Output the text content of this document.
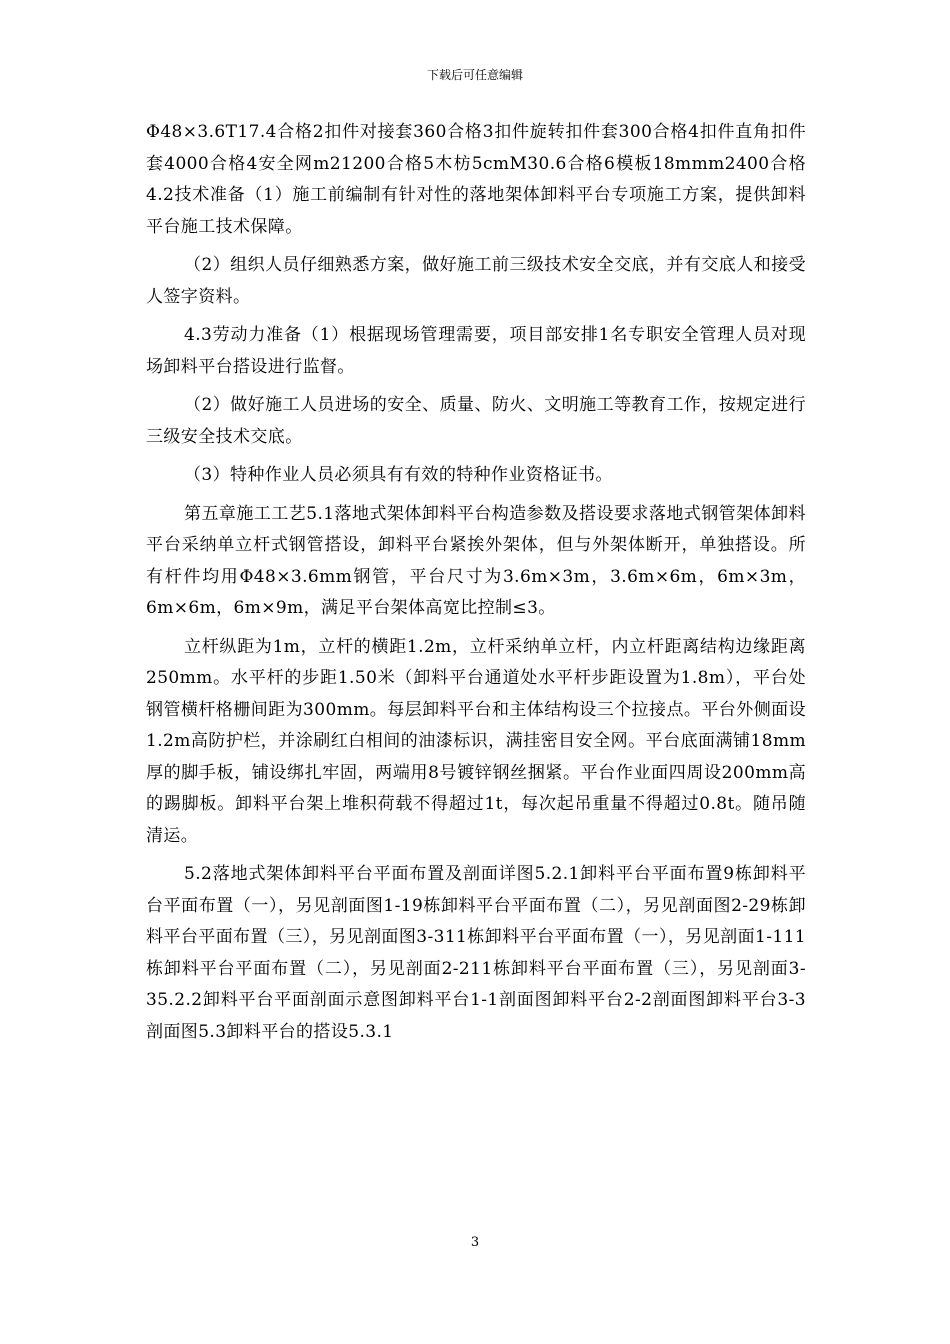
下载后可任意编辑

Φ48×3.6T17.4合格2扣件对接套360合格3扣件旋转扣件套300合格4扣件直角扣件套4000合格4安全网m21200合格5木枋5cmM30.6合格6模板18mmm2400合格4.2技术准备（1）施工前编制有针对性的落地架体卸料平台专项施工方案，提供卸料平台施工技术保障。

（2）组织人员仔细熟悉方案，做好施工前三级技术安全交底，并有交底人和接受人签字资料。

4.3劳动力准备（1）根据现场管理需要，项目部安排1名专职安全管理人员对现场卸料平台搭设进行监督。

（2）做好施工人员进场的安全、质量、防火、文明施工等教育工作，按规定进行三级安全技术交底。

（3）特种作业人员必须具有有效的特种作业资格证书。

第五章施工工艺5.1落地式架体卸料平台构造参数及搭设要求落地式钢管架体卸料平台采纳单立杆式钢管搭设，卸料平台紧挨外架体，但与外架体断开，单独搭设。所有杆件均用Φ48×3.6mm钢管，平台尺寸为3.6m×3m，3.6m×6m，6m×3m，6m×6m，6m×9m，满足平台架体高宽比控制≤3。

立杆纵距为1m，立杆的横距1.2m，立杆采纳单立杆，内立杆距离结构边缘距离250mm。水平杆的步距1.50米（卸料平台通道处水平杆步距设置为1.8m），平台处钢管横杆格栅间距为300mm。每层卸料平台和主体结构设三个拉接点。平台外侧面设1.2m高防护栏，并涂刷红白相间的油漆标识，满挂密目安全网。平台底面满铺18mm厚的脚手板，铺设绑扎牢固，两端用8号镀锌钢丝捆紧。平台作业面四周设200mm高的踢脚板。卸料平台架上堆积荷载不得超过1t，每次起吊重量不得超过0.8t。随吊随清运。

5.2落地式架体卸料平台平面布置及剖面详图5.2.1卸料平台平面布置9栋卸料平台平面布置（一），另见剖面图1-19栋卸料平台平面布置（二），另见剖面图2-29栋卸料平台平面布置（三），另见剖面图3-311栋卸料平台平面布置（一），另见剖面1-111栋卸料平台平面布置（二），另见剖面2-211栋卸料平台平面布置（三），另见剖面3-35.2.2卸料平台平面剖面示意图卸料平台1-1剖面图卸料平台2-2剖面图卸料平台3-3剖面图5.3卸料平台的搭设5.3.1

3
